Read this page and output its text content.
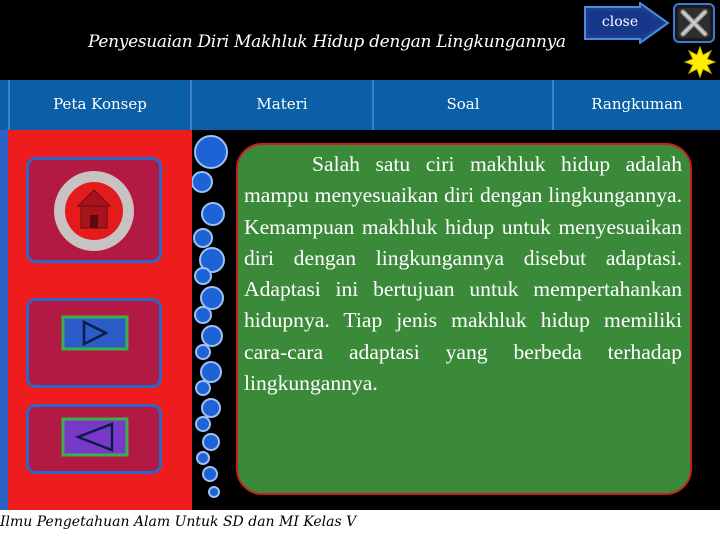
Penyesuaian Diri Makhluk Hidup dengan Lingkungannya
close
Peta Konsep	Materi	Soal	Rangkuman

Salah satu ciri makhluk hidup adalah mampu menyesuaikan diri dengan lingkungannya. Kemampuan makhluk hidup untuk menyesuaikan diri dengan lingkungannya disebut adaptasi. Adaptasi ini bertujuan untuk mempertahankan hidupnya. Tiap jenis makhluk hidup memiliki cara-cara adaptasi yang berbeda terhadap lingkungannya.

Ilmu Pengetahuan Alam Untuk SD dan MI Kelas V
